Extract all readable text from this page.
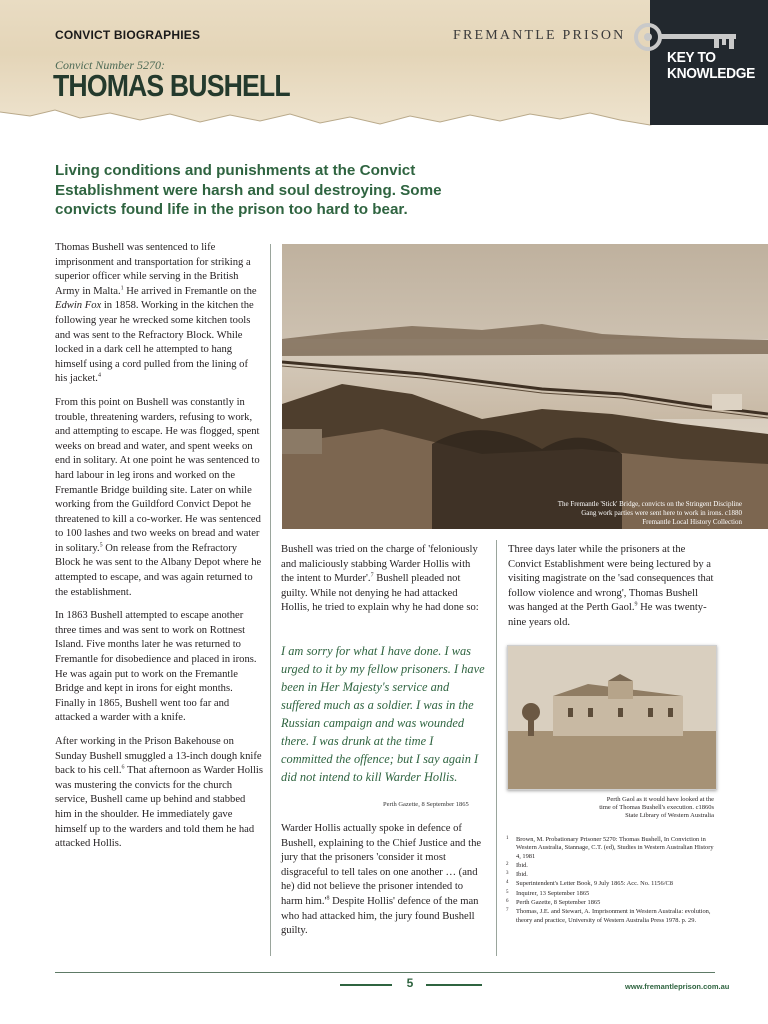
CONVICT BIOGRAPHIES
Convict Number 5270:
THOMAS BUSHELL
FREMANTLE PRISON
KEY TO
KNOWLEDGE
Living conditions and punishments at the Convict Establishment were harsh and soul destroying. Some convicts found life in the prison too hard to bear.

Thomas Bushell was sentenced to life imprisonment and transportation for striking a superior officer while serving in the British Army in Malta.$^1$ He arrived in Fremantle on the Edwin Fox in 1858. Working in the kitchen the following year he wrecked some kitchen tools and was sent to the Refractory Block. While locked in a dark cell he attempted to hang himself using a cord pulled from the lining of his jacket.$^4$

From this point on Bushell was constantly in trouble, threatening warders, refusing to work, and attempting to escape. He was flogged, spent weeks on bread and water, and spent weeks on end in solitary. At one point he was sentenced to hard labour in leg irons and worked on the Fremantle Bridge building site. Later on while working from the Guildford Convict Depot he threatened to kill a co-worker. He was sentenced to 100 lashes and two weeks on bread and water in solitary.$^5$ On release from the Refractory Block he was sent to the Albany Depot where he attempted to escape, and was again returned to the establishment.

In 1863 Bushell attempted to escape another three times and was sent to work on Rottnest Island. Five months later he was returned to Fremantle for disobedience and placed in irons. He was again put to work on the Fremantle Bridge and kept in irons for eight months. Finally in 1865, Bushell went too far and attacked a warder with a knife.

After working in the Prison Bakehouse on Sunday Bushell smuggled a 13-inch dough knife back to his cell.$^6$ That afternoon as Warder Hollis was mustering the convicts for the church service, Bushell came up behind and stabbed him in the shoulder. He immediately gave himself up to the warders and told them he had attacked Hollis.

The Fremantle 'Stick' Bridge, convicts on the Stringent Discipline
Gang work parties were sent here to work in irons. c1880
Fremantle Local History Collection

Bushell was tried on the charge of 'feloniously and maliciously stabbing Warder Hollis with the intent to Murder'.$^7$ Bushell pleaded not guilty. While not denying he had attacked Hollis, he tried to explain why he had done so:

I am sorry for what I have done. I was urged to it by my fellow prisoners. I have been in Her Majesty's service and suffered much as a soldier. I was in the Russian campaign and was wounded there. I was drunk at the time I committed the offence; but I say again I did not intend to kill Warder Hollis.
Perth Gazette, 8 September 1865

Warder Hollis actually spoke in defence of Bushell, explaining to the Chief Justice and the jury that the prisoners 'consider it most disgraceful to tell tales on one another … (and he) did not believe the prisoner intended to harm $him.'^8$ Despite Hollis' defence of the man who had attacked him, the jury found Bushell guilty.

Three days later while the prisoners at the Convict Establishment were being lectured by a visiting magistrate on the 'sad consequences that follow violence and wrong', Thomas Bushell was hanged at the Perth Gaol.$^9$ He was twenty-nine years old.

Perth Gaol as it would have looked at the
time of Thomas Bushell's execution. c1860s
State Library of Western Australia
1 Brown, M. Probationary Prisoner 5270: Thomas Bushell, In Conviction in Western Australia, Stannage, C.T. (ed), Studies in Western Australian History 4, 1981
2 Ibid.
3 Ibid.
4 Superintendent's Letter Book, 9 July 1865: Acc. No. 1156/C8
5 Inquirer, 13 September 1865
6 Perth Gazette, 8 September 1865
7 Thomas, J.E. and Stewart, A. Imprisonment in Western Australia: evolution, theory and practice, University of Western Australia Press 1978. p. 29.
5	www.fremantleprison.com.au
